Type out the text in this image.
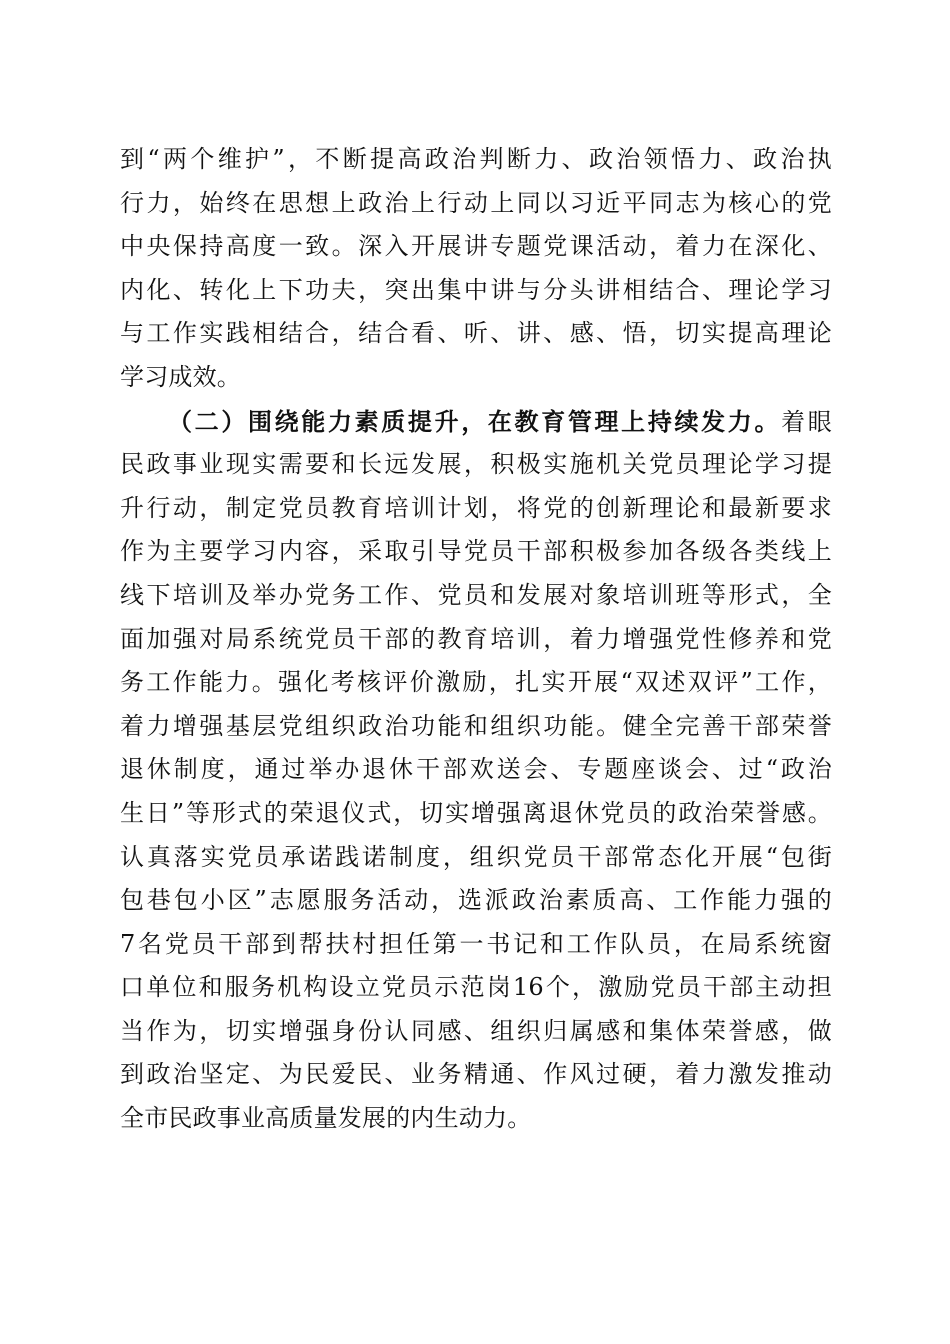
到“两个维护”，不断提高政治判断力、政治领悟力、政治执
行力，始终在思想上政治上行动上同以习近平同志为核心的党
中央保持高度一致。深入开展讲专题党课活动，着力在深化、
内化、转化上下功夫，突出集中讲与分头讲相结合、理论学习
与工作实践相结合，结合看、听、讲、感、悟，切实提高理论
学习成效。
（二）围绕能力素质提升，在教育管理上持续发力。着眼
民政事业现实需要和长远发展，积极实施机关党员理论学习提
升行动，制定党员教育培训计划，将党的创新理论和最新要求
作为主要学习内容，采取引导党员干部积极参加各级各类线上
线下培训及举办党务工作、党员和发展对象培训班等形式，全
面加强对局系统党员干部的教育培训，着力增强党性修养和党
务工作能力。强化考核评价激励，扎实开展“双述双评”工作，
着力增强基层党组织政治功能和组织功能。健全完善干部荣誉
退休制度，通过举办退休干部欢送会、专题座谈会、过“政治
生日”等形式的荣退仪式，切实增强离退休党员的政治荣誉感。
认真落实党员承诺践诺制度，组织党员干部常态化开展“包街
包巷包小区”志愿服务活动，选派政治素质高、工作能力强的
7名党员干部到帮扶村担任第一书记和工作队员，在局系统窗
口单位和服务机构设立党员示范岗16个，激励党员干部主动担
当作为，切实增强身份认同感、组织归属感和集体荣誉感，做
到政治坚定、为民爱民、业务精通、作风过硬，着力激发推动
全市民政事业高质量发展的内生动力。
